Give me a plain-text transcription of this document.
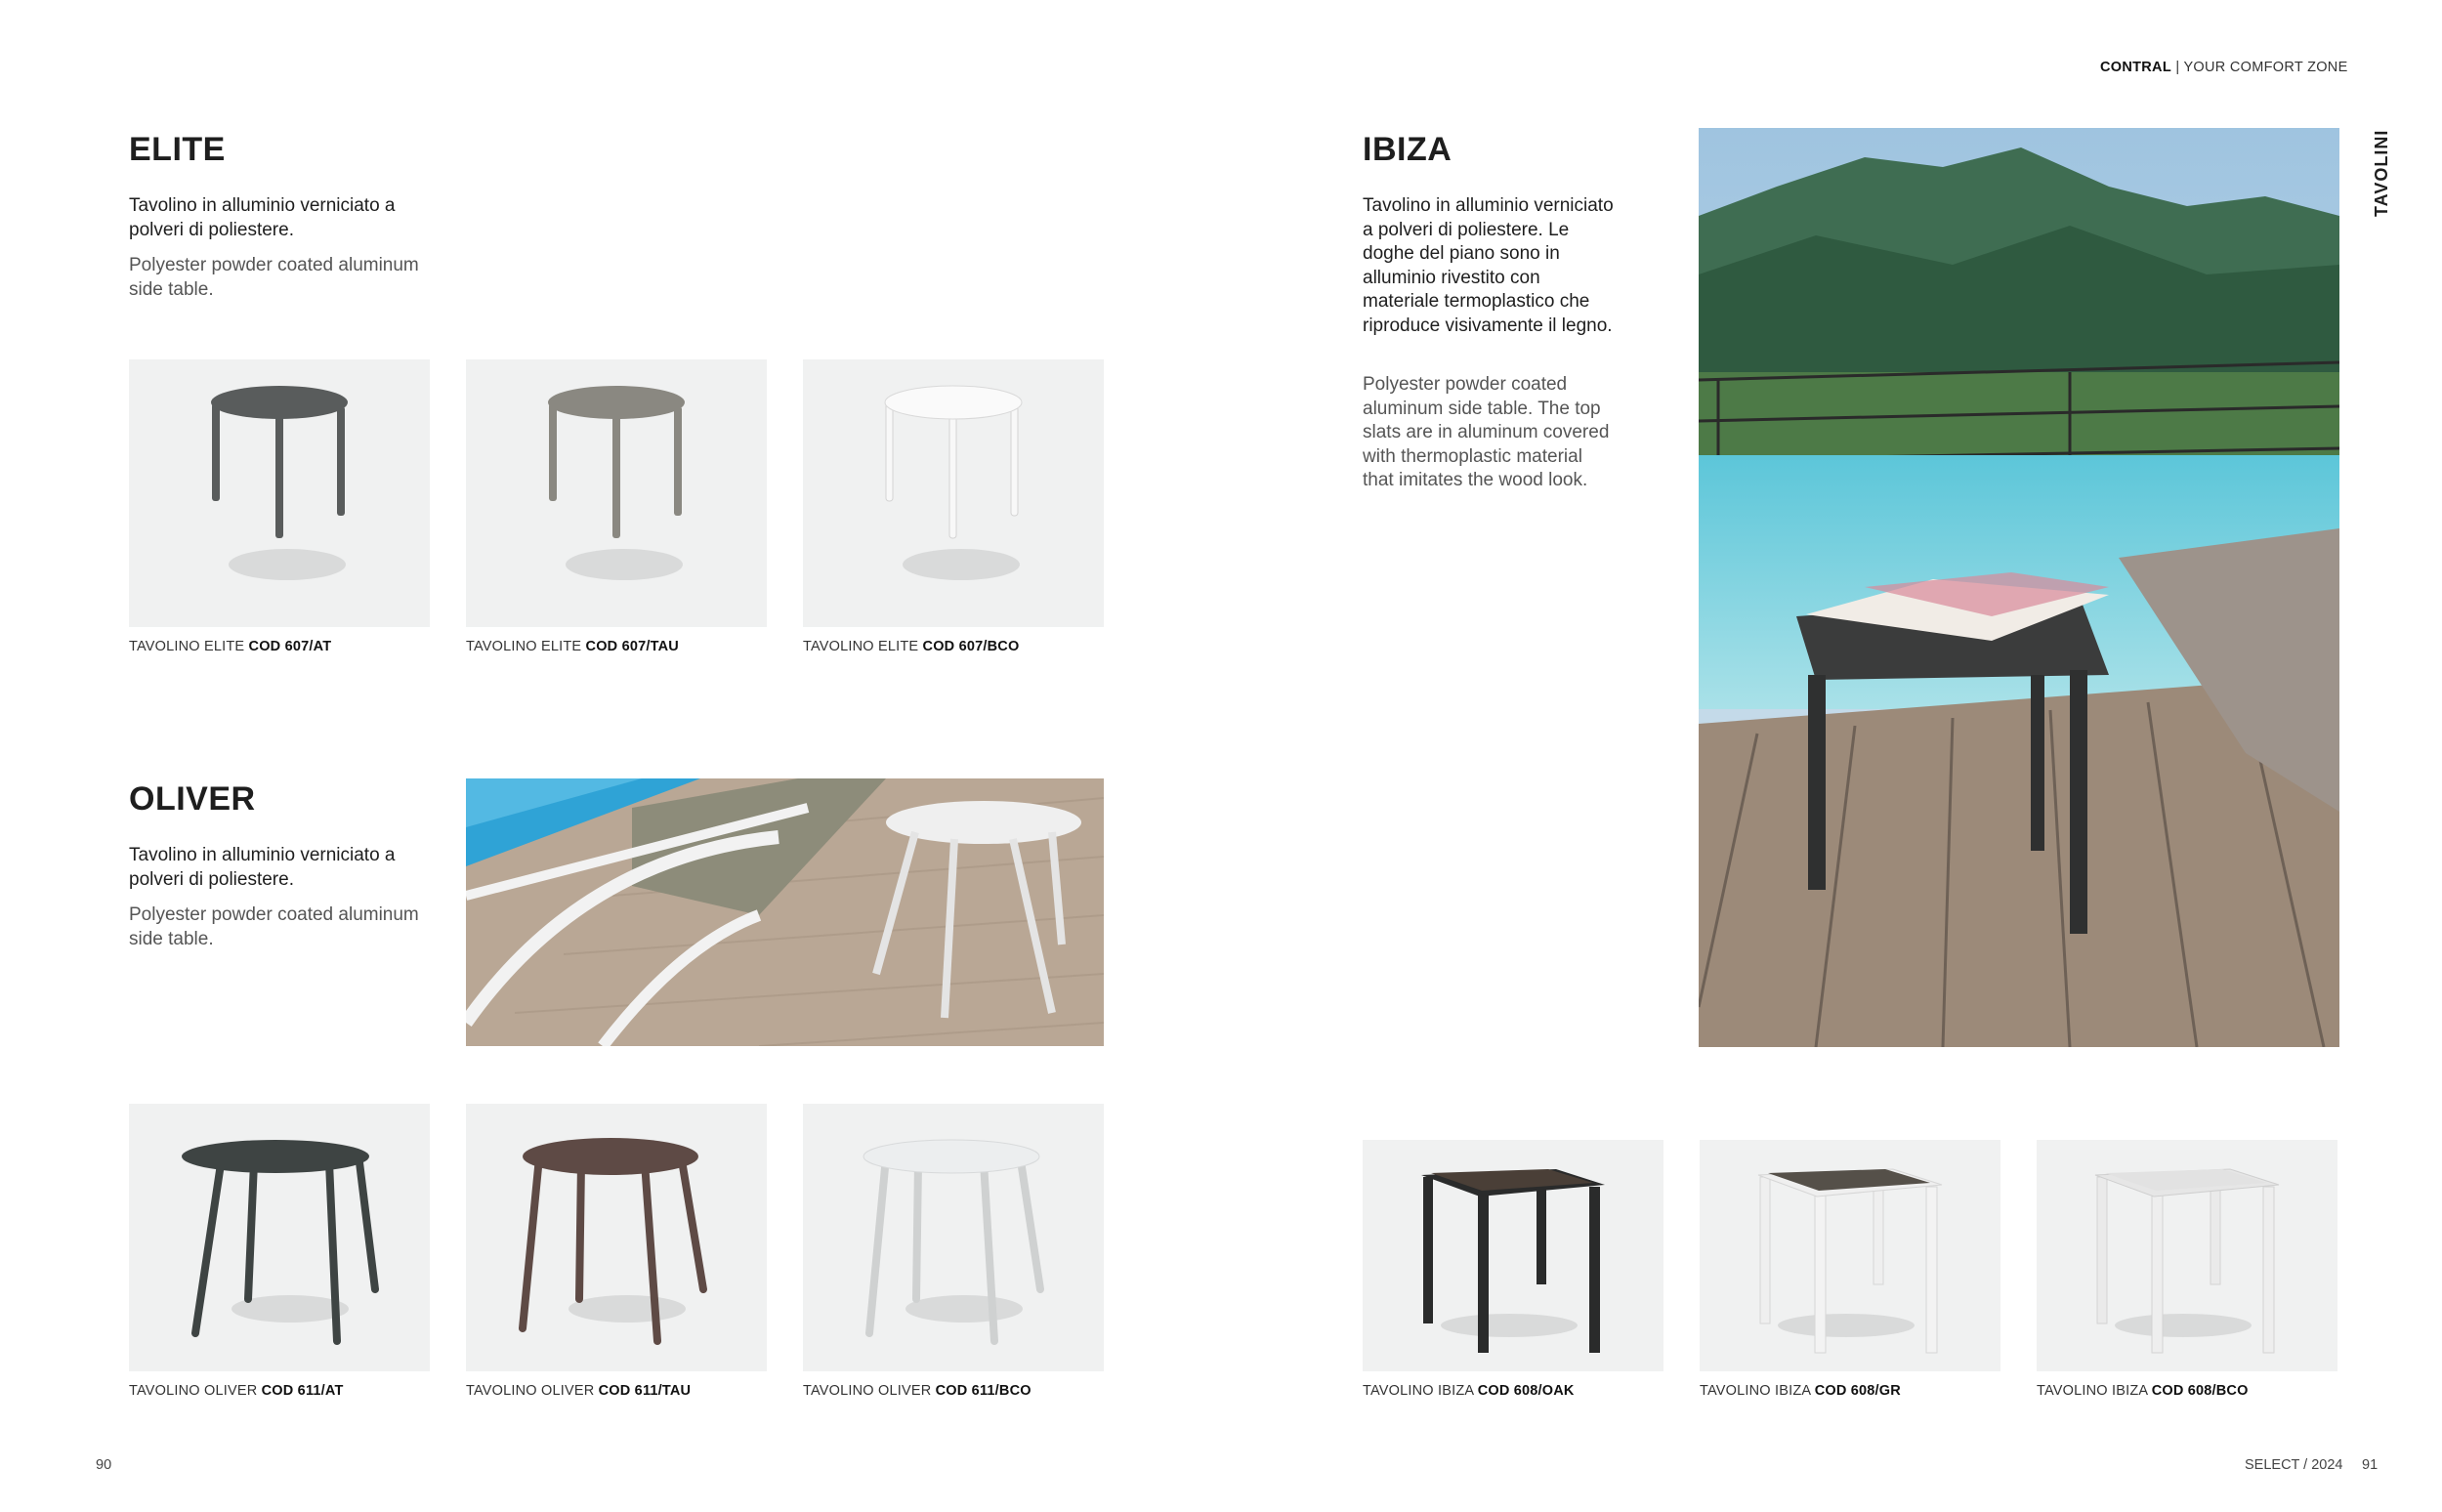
CONTRAL | YOUR COMFORT ZONE
TAVOLINI
ELITE

Tavolino in alluminio verniciato a polveri di poliestere.

Polyester powder coated aluminum side table.

TAVOLINO ELITE COD 607/AT	TAVOLINO ELITE COD 607/TAU	TAVOLINO ELITE COD 607/BCO
OLIVER

Tavolino in alluminio verniciato a polveri di poliestere.

Polyester powder coated aluminum side table.

TAVOLINO OLIVER COD 611/AT	TAVOLINO OLIVER COD 611/TAU	TAVOLINO OLIVER COD 611/BCO
IBIZA

Tavolino in alluminio verniciato a polveri di poliestere. Le doghe del piano sono in alluminio rivestito con materiale termoplastico che riproduce visivamente il legno.

Polyester powder coated aluminum side table. The top slats are in aluminum covered with thermoplastic material that imitates the wood look.

TAVOLINO IBIZA COD 608/OAK	TAVOLINO IBIZA COD 608/GR	TAVOLINO IBIZA COD 608/BCO
90	SELECT / 2024 91
